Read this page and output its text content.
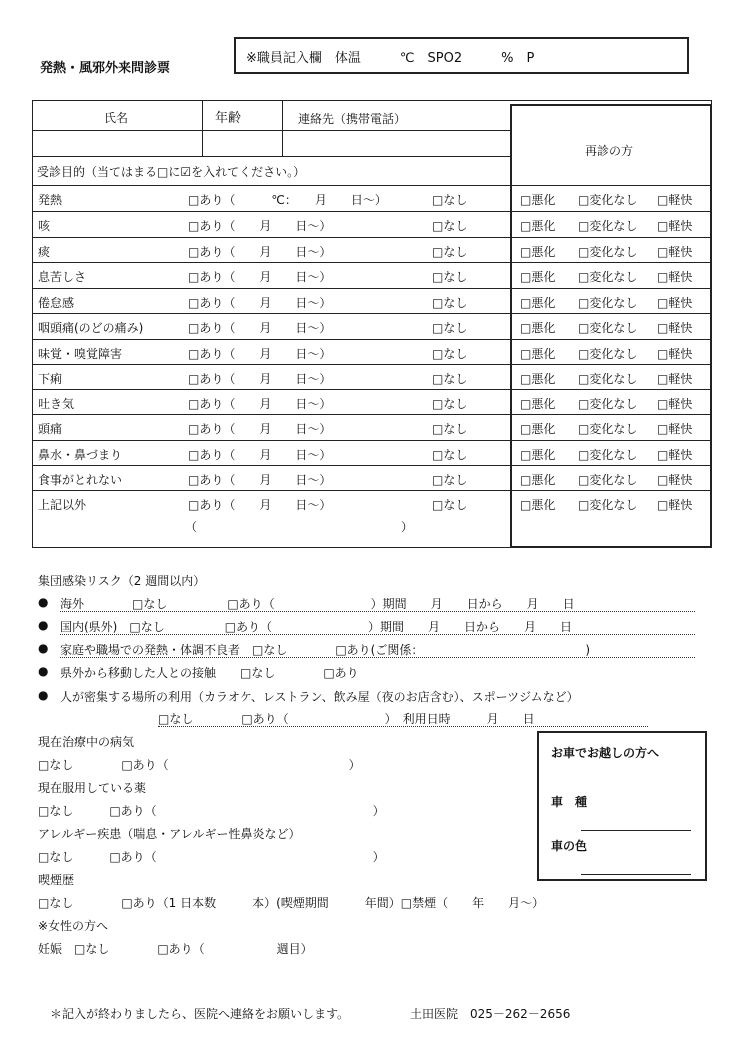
発熱・風邪外来問診票
※職員記入欄　体温　　　℃　SPO2　　　%　P
再診の方
氏名	年齢	連絡先（携帯電話）
受診目的（当てはまる□に☑を入れてください。）
発熱	□あり（　　　℃：　　月　　日〜）	□なし	□悪化 □変化なし □軽快
咳	□あり（　　月　　日〜）	□なし	□悪化 □変化なし □軽快
痰	□あり（　　月　　日〜）	□なし	□悪化 □変化なし □軽快
息苦しさ	□あり（　　月　　日〜）	□なし	□悪化 □変化なし □軽快
倦怠感	□あり（　　月　　日〜）	□なし	□悪化 □変化なし □軽快
咽頭痛(のどの痛み)	□あり（　　月　　日〜）	□なし	□悪化 □変化なし □軽快
味覚・嗅覚障害	□あり（　　月　　日〜）	□なし	□悪化 □変化なし □軽快
下痢	□あり（　　月　　日〜）	□なし	□悪化 □変化なし □軽快
吐き気	□あり（　　月　　日〜）	□なし	□悪化 □変化なし □軽快
頭痛	□あり（　　月　　日〜）	□なし	□悪化 □変化なし □軽快
鼻水・鼻づまり	□あり（　　月　　日〜）	□なし	□悪化 □変化なし □軽快
食事がとれない	□あり（　　月　　日〜）	□なし	□悪化 □変化なし □軽快
上記以外	□あり（　　月　　日〜）	□なし	□悪化 □変化なし □軽快
（　　　　　　　　　　　　　　　　　）
集団感染リスク（2 週間以内）
● 海外　　　　□なし　　　　　□あり（　　　　　　　　）期間　　月　　日から　　月　　日
● 国内(県外)　□なし　　　　　□あり（　　　　　　　　）期間　　月　　日から　　月　　日
● 家庭や職場での発熱・体調不良者　□なし　　　　□あり(ご関係：　　　　　　　　　　　　　　)
● 県外から移動した人との接触　　□なし　　　　□あり
● 人が密集する場所の利用（カラオケ、レストラン、飲み屋（夜のお店含む）、スポーツジムなど）
□なし　　　　□あり（　　　　　　　　）　利用日時　　　月　　日
現在治療中の病気
□なし　　　　□あり（　　　　　　　　　　　　　　　）
現在服用している薬
□なし　　　□あり（　　　　　　　　　　　　　　　　　　）
アレルギー疾患（喘息・アレルギー性鼻炎など）
□なし　　　□あり（　　　　　　　　　　　　　　　　　　）
喫煙歴
□なし　　　　□あり（1 日本数　　　本）(喫煙期間　　　年間）□禁煙（　　年　　月〜）
※女性の方へ
妊娠　□なし　　　　□あり（　　　　　　週目）
お車でお越しの方へ
車　種
車の色
＊記入が終わりましたら、医院へ連絡をお願いします。	土田医院　025－262－2656
